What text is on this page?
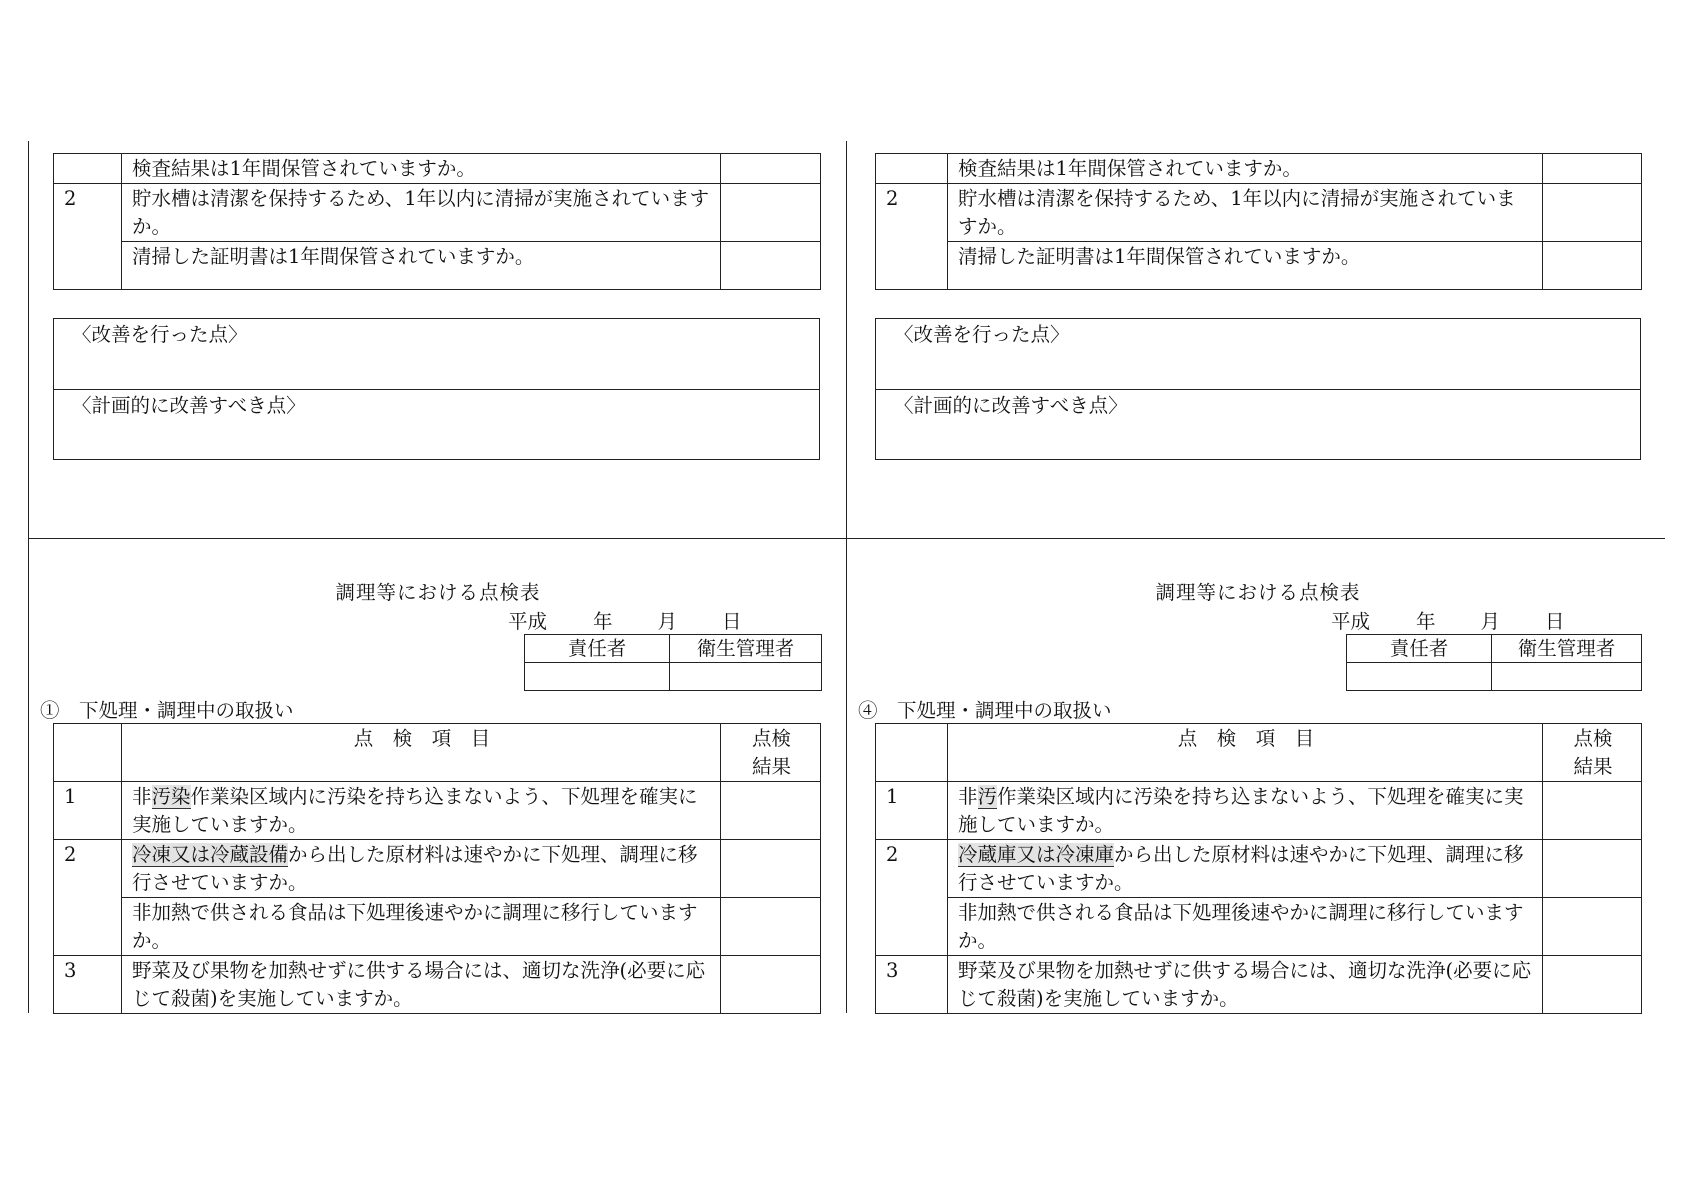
	検査結果は1年間保管されていますか。	
2	貯水槽は清潔を保持するため、1年以内に清掃が実施されていますか。	
	清掃した証明書は1年間保管されていますか。	
〈改善を行った点〉
〈計画的に改善すべき点〉
調理等における点検表
平成 年 月 日
責任者	衛生管理者

①　下処理・調理中の取扱い
	点　検　項　目	点検
結果
1	非汚染作業染区域内に汚染を持ち込まないよう、下処理を確実に実施していますか。	
2	冷凍又は冷蔵設備から出した原材料は速やかに下処理、調理に移行させていますか。	
	非加熱で供される食品は下処理後速やかに調理に移行していますか。	
3	野菜及び果物を加熱せずに供する場合には、適切な洗浄(必要に応じて殺菌)を実施していますか。	
	検査結果は1年間保管されていますか。	
2	貯水槽は清潔を保持するため、1年以内に清掃が実施されていますか。	
	清掃した証明書は1年間保管されていますか。	
〈改善を行った点〉
〈計画的に改善すべき点〉
調理等における点検表
平成 年 月 日
責任者	衛生管理者

④　下処理・調理中の取扱い
	点　検　項　目	点検
結果
1	非汚作業染区域内に汚染を持ち込まないよう、下処理を確実に実施していますか。	
2	冷蔵庫又は冷凍庫から出した原材料は速やかに下処理、調理に移行させていますか。	
	非加熱で供される食品は下処理後速やかに調理に移行していますか。	
3	野菜及び果物を加熱せずに供する場合には、適切な洗浄(必要に応じて殺菌)を実施していますか。	
